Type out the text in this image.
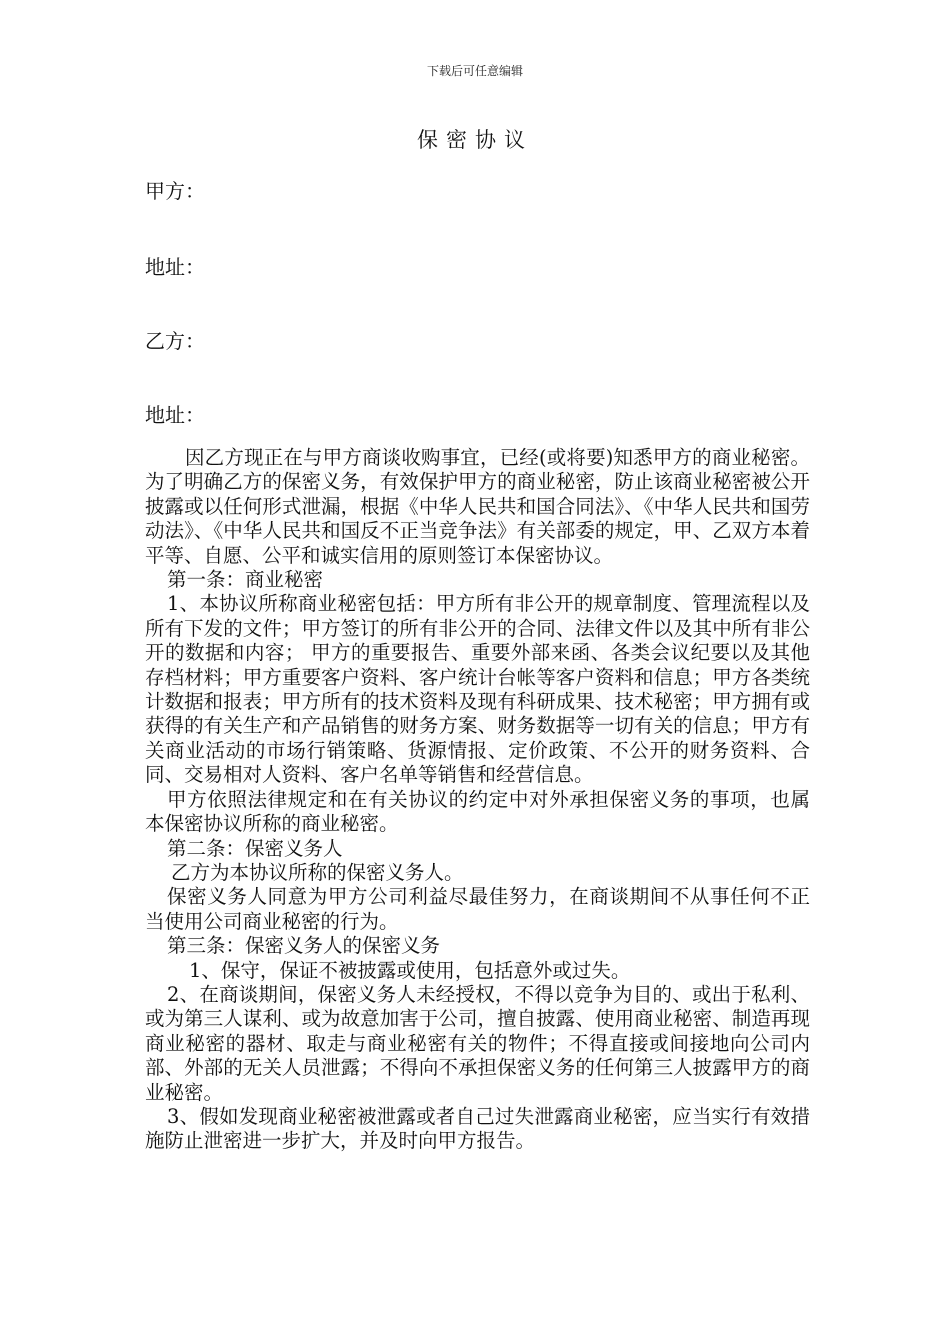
下载后可任意编辑
保密协议
甲方：
地址：
乙方：
地址：

因乙方现正在与甲方商谈收购事宜，已经(或将要)知悉甲方的商业秘密。为了明确乙方的保密义务，有效保护甲方的商业秘密，防止该商业秘密被公开披露或以任何形式泄漏，根据《中华人民共和国合同法》、《中华人民共和国劳动法》、《中华人民共和国反不正当竞争法》有关部委的规定，甲、乙双方本着平等、自愿、公平和诚实信用的原则签订本保密协议。

第一条：商业秘密

1、本协议所称商业秘密包括：甲方所有非公开的规章制度、管理流程以及所有下发的文件；甲方签订的所有非公开的合同、法律文件以及其中所有非公开的数据和内容； 甲方的重要报告、重要外部来函、各类会议纪要以及其他存档材料；甲方重要客户资料、客户统计台帐等客户资料和信息；甲方各类统计数据和报表；甲方所有的技术资料及现有科研成果、技术秘密；甲方拥有或获得的有关生产和产品销售的财务方案、财务数据等一切有关的信息；甲方有关商业活动的市场行销策略、货源情报、定价政策、不公开的财务资料、合同、交易相对人资料、客户名单等销售和经营信息。

甲方依照法律规定和在有关协议的约定中对外承担保密义务的事项，也属本保密协议所称的商业秘密。

第二条：保密义务人

乙方为本协议所称的保密义务人。

保密义务人同意为甲方公司利益尽最佳努力，在商谈期间不从事任何不正当使用公司商业秘密的行为。

第三条：保密义务人的保密义务

1、保守，保证不被披露或使用，包括意外或过失。

2、在商谈期间，保密义务人未经授权，不得以竞争为目的、或出于私利、或为第三人谋利、或为故意加害于公司，擅自披露、使用商业秘密、制造再现商业秘密的器材、取走与商业秘密有关的物件；不得直接或间接地向公司内部、外部的无关人员泄露；不得向不承担保密义务的任何第三人披露甲方的商业秘密。

3、假如发现商业秘密被泄露或者自己过失泄露商业秘密，应当实行有效措施防止泄密进一步扩大，并及时向甲方报告。
